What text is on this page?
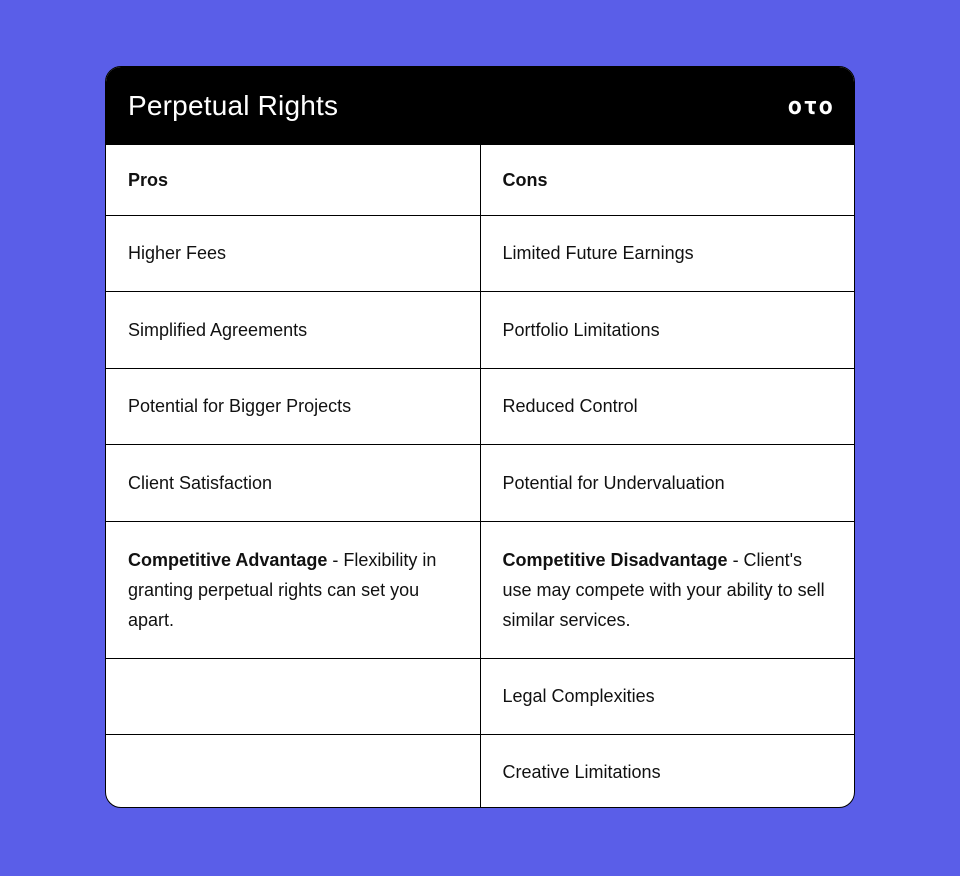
Perpetual Rights	oτo
Pros	Cons
Higher Fees	Limited Future Earnings
Simplified Agreements	Portfolio Limitations
Potential for Bigger Projects	Reduced Control
Client Satisfaction	Potential for Undervaluation
Competitive Advantage - Flexibility in granting perpetual rights can set you apart.	Competitive Disadvantage - Client's use may compete with your ability to sell similar services.
	Legal Complexities
	Creative Limitations
